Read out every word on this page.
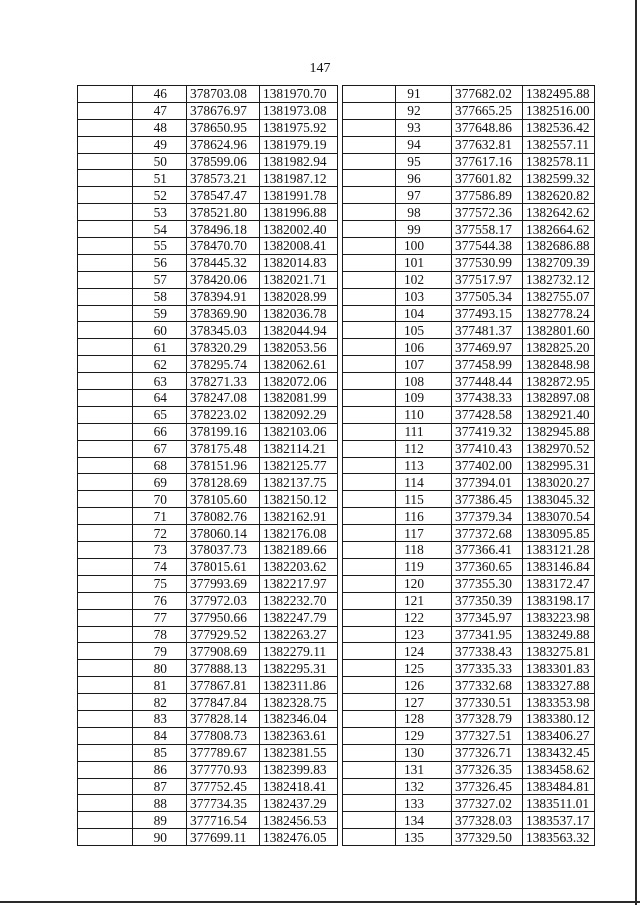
147
	46	378703.08	1381970.70			91	377682.02	1382495.88
	47	378676.97	1381973.08			92	377665.25	1382516.00
	48	378650.95	1381975.92			93	377648.86	1382536.42
	49	378624.96	1381979.19			94	377632.81	1382557.11
	50	378599.06	1381982.94			95	377617.16	1382578.11
	51	378573.21	1381987.12			96	377601.82	1382599.32
	52	378547.47	1381991.78			97	377586.89	1382620.82
	53	378521.80	1381996.88			98	377572.36	1382642.62
	54	378496.18	1382002.40			99	377558.17	1382664.62
	55	378470.70	1382008.41			100	377544.38	1382686.88
	56	378445.32	1382014.83			101	377530.99	1382709.39
	57	378420.06	1382021.71			102	377517.97	1382732.12
	58	378394.91	1382028.99			103	377505.34	1382755.07
	59	378369.90	1382036.78			104	377493.15	1382778.24
	60	378345.03	1382044.94			105	377481.37	1382801.60
	61	378320.29	1382053.56			106	377469.97	1382825.20
	62	378295.74	1382062.61			107	377458.99	1382848.98
	63	378271.33	1382072.06			108	377448.44	1382872.95
	64	378247.08	1382081.99			109	377438.33	1382897.08
	65	378223.02	1382092.29			110	377428.58	1382921.40
	66	378199.16	1382103.06			111	377419.32	1382945.88
	67	378175.48	1382114.21			112	377410.43	1382970.52
	68	378151.96	1382125.77			113	377402.00	1382995.31
	69	378128.69	1382137.75			114	377394.01	1383020.27
	70	378105.60	1382150.12			115	377386.45	1383045.32
	71	378082.76	1382162.91			116	377379.34	1383070.54
	72	378060.14	1382176.08			117	377372.68	1383095.85
	73	378037.73	1382189.66			118	377366.41	1383121.28
	74	378015.61	1382203.62			119	377360.65	1383146.84
	75	377993.69	1382217.97			120	377355.30	1383172.47
	76	377972.03	1382232.70			121	377350.39	1383198.17
	77	377950.66	1382247.79			122	377345.97	1383223.98
	78	377929.52	1382263.27			123	377341.95	1383249.88
	79	377908.69	1382279.11			124	377338.43	1383275.81
	80	377888.13	1382295.31			125	377335.33	1383301.83
	81	377867.81	1382311.86			126	377332.68	1383327.88
	82	377847.84	1382328.75			127	377330.51	1383353.98
	83	377828.14	1382346.04			128	377328.79	1383380.12
	84	377808.73	1382363.61			129	377327.51	1383406.27
	85	377789.67	1382381.55			130	377326.71	1383432.45
	86	377770.93	1382399.83			131	377326.35	1383458.62
	87	377752.45	1382418.41			132	377326.45	1383484.81
	88	377734.35	1382437.29			133	377327.02	1383511.01
	89	377716.54	1382456.53			134	377328.03	1383537.17
	90	377699.11	1382476.05			135	377329.50	1383563.32
